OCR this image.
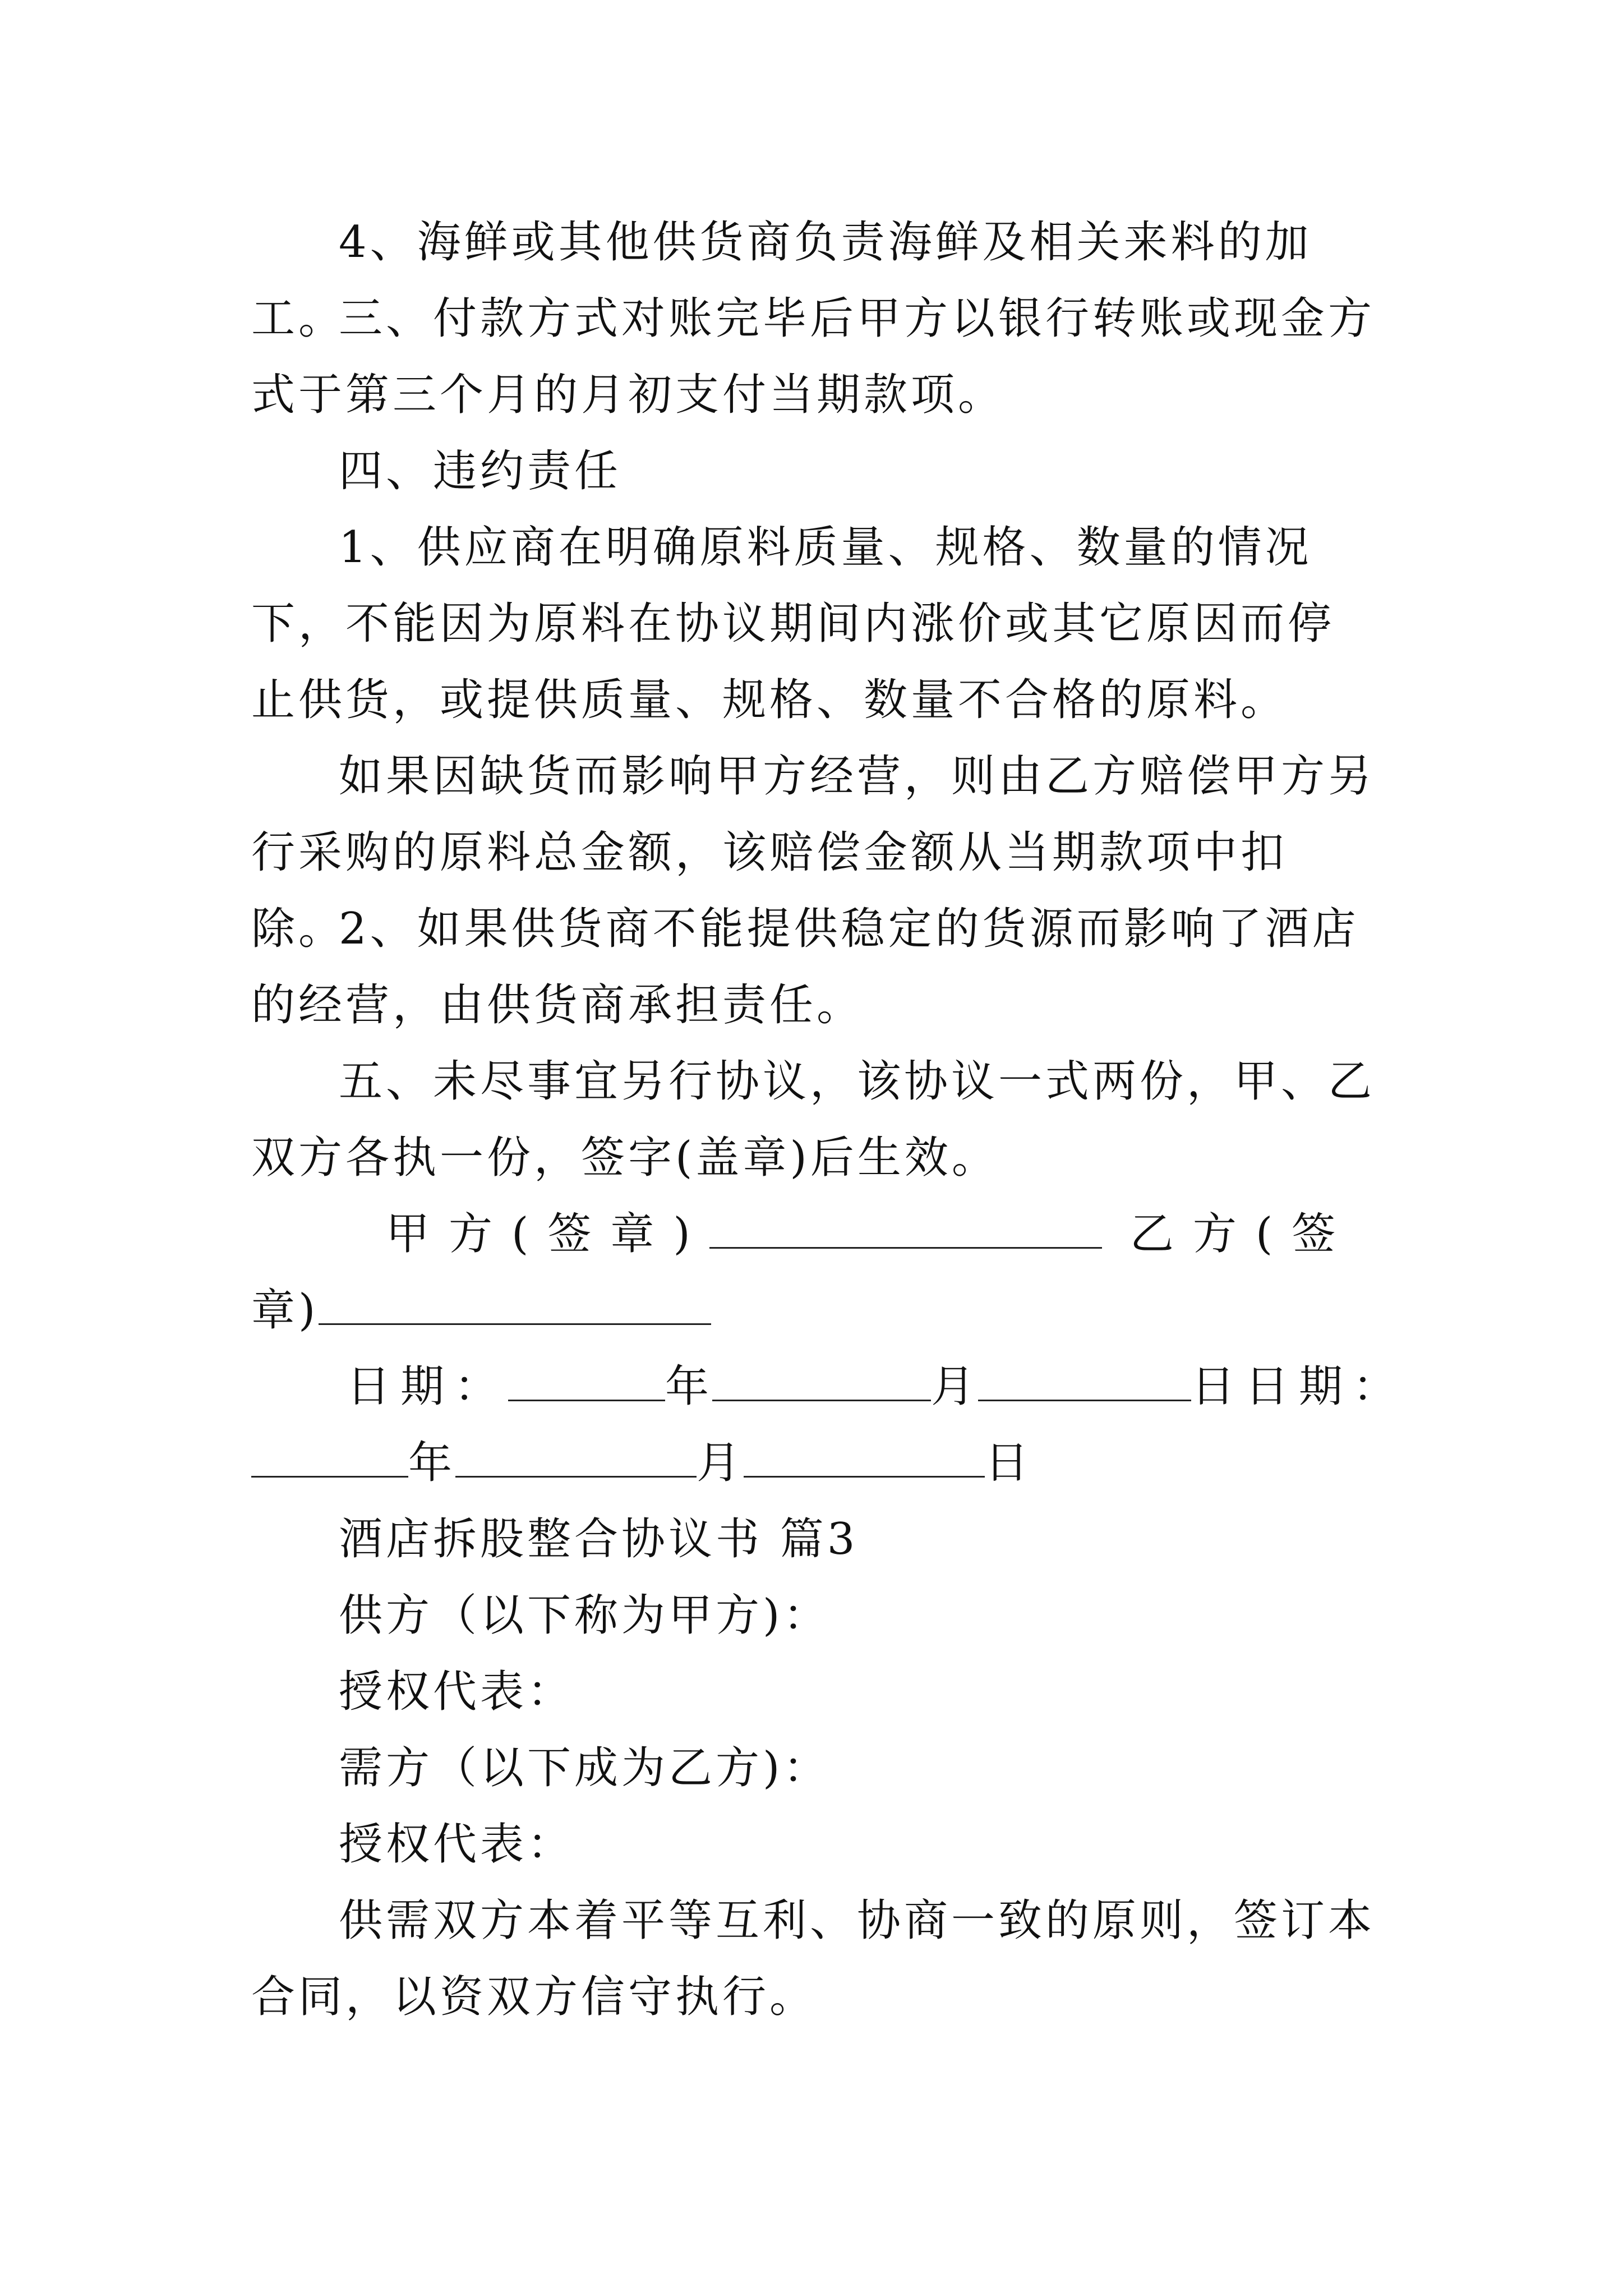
4、海鲜或其他供货商负责海鲜及相关来料的加工。

三、付款方式对账完毕后甲方以银行转账或现金方式于第三个月的月初支付当期款项。

四、违约责任

1、供应商在明确原料质量、规格、数量的情况下，不能因为原料在协议期间内涨价或其它原因而停止供货，或提供质量、规格、数量不合格的原料。

如果因缺货而影响甲方经营，则由乙方赔偿甲方另行采购的原料总金额，该赔偿金额从当期款项中扣除。

2、如果供货商不能提供稳定的货源而影响了酒店的经营，由供货商承担责任。

五、未尽事宜另行协议，该协议一式两份，甲、乙双方各执一份，签字(盖章)后生效。

甲方(签章)	乙方(签
章)
日期：	年	月	日日期：
年	月	日

酒店拆股整合协议书 篇3

供方（以下称为甲方)：

授权代表：

需方（以下成为乙方)：

授权代表：

供需双方本着平等互利、协商一致的原则，签订本合同，以资双方信守执行。
